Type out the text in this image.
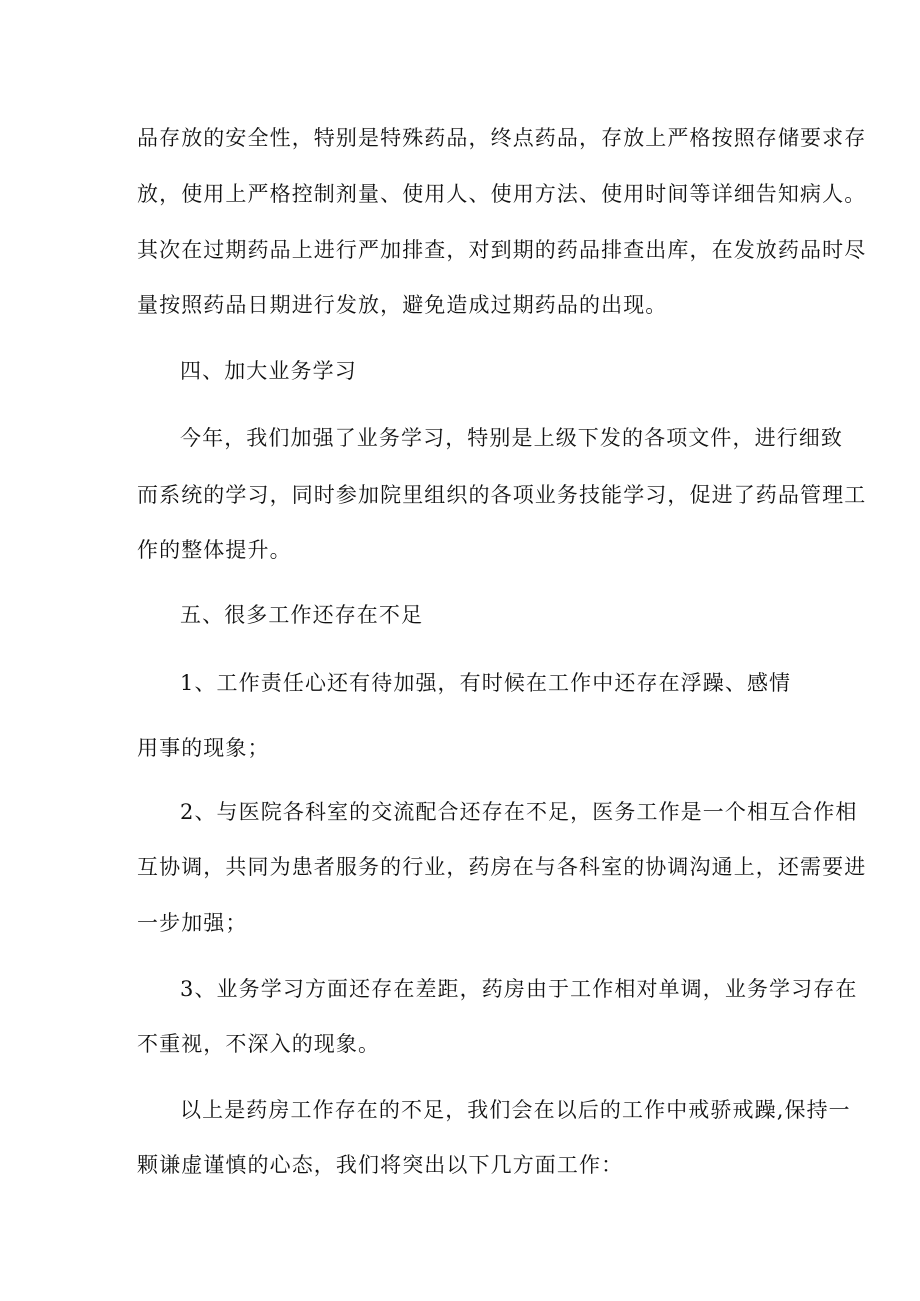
品存放的安全性，特别是特殊药品，终点药品，存放上严格按照存储要求存
放，使用上严格控制剂量、使用人、使用方法、使用时间等详细告知病人。
其次在过期药品上进行严加排查，对到期的药品排查出库，在发放药品时尽
量按照药品日期进行发放，避免造成过期药品的出现。
四、加大业务学习
今年，我们加强了业务学习，特别是上级下发的各项文件，进行细致
而系统的学习，同时参加院里组织的各项业务技能学习，促进了药品管理工
作的整体提升。
五、很多工作还存在不足
1、工作责任心还有待加强，有时候在工作中还存在浮躁、感情
用事的现象；
2、与医院各科室的交流配合还存在不足，医务工作是一个相互合作相
互协调，共同为患者服务的行业，药房在与各科室的协调沟通上，还需要进
一步加强；
3、业务学习方面还存在差距，药房由于工作相对单调，业务学习存在
不重视，不深入的现象。
以上是药房工作存在的不足，我们会在以后的工作中戒骄戒躁,保持一
颗谦虚谨慎的心态，我们将突出以下几方面工作：
